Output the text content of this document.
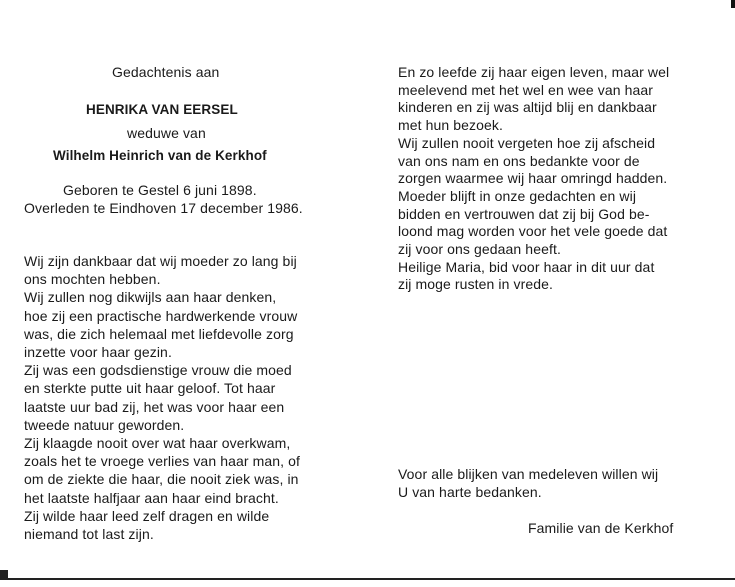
Gedachtenis aan
HENRIKA VAN EERSEL
weduwe van
Wilhelm Heinrich van de Kerkhof
Geboren te Gestel 6 juni 1898.
Overleden te Eindhoven 17 december 1986.
Wij zijn dankbaar dat wij moeder zo lang bij
ons mochten hebben.
Wij zullen nog dikwijls aan haar denken,
hoe zij een practische hardwerkende vrouw
was, die zich helemaal met liefdevolle zorg
inzette voor haar gezin.
Zij was een godsdienstige vrouw die moed
en sterkte putte uit haar geloof. Tot haar
laatste uur bad zij, het was voor haar een
tweede natuur geworden.
Zij klaagde nooit over wat haar overkwam,
zoals het te vroege verlies van haar man, of
om de ziekte die haar, die nooit ziek was, in
het laatste halfjaar aan haar eind bracht.
Zij wilde haar leed zelf dragen en wilde
niemand tot last zijn.
En zo leefde zij haar eigen leven, maar wel
meelevend met het wel en wee van haar
kinderen en zij was altijd blij en dankbaar
met hun bezoek.
Wij zullen nooit vergeten hoe zij afscheid
van ons nam en ons bedankte voor de
zorgen waarmee wij haar omringd hadden.
Moeder blijft in onze gedachten en wij
bidden en vertrouwen dat zij bij God be-
loond mag worden voor het vele goede dat
zij voor ons gedaan heeft.
Heilige Maria, bid voor haar in dit uur dat
zij moge rusten in vrede.
Voor alle blijken van medeleven willen wij
U van harte bedanken.
Familie van de Kerkhof
